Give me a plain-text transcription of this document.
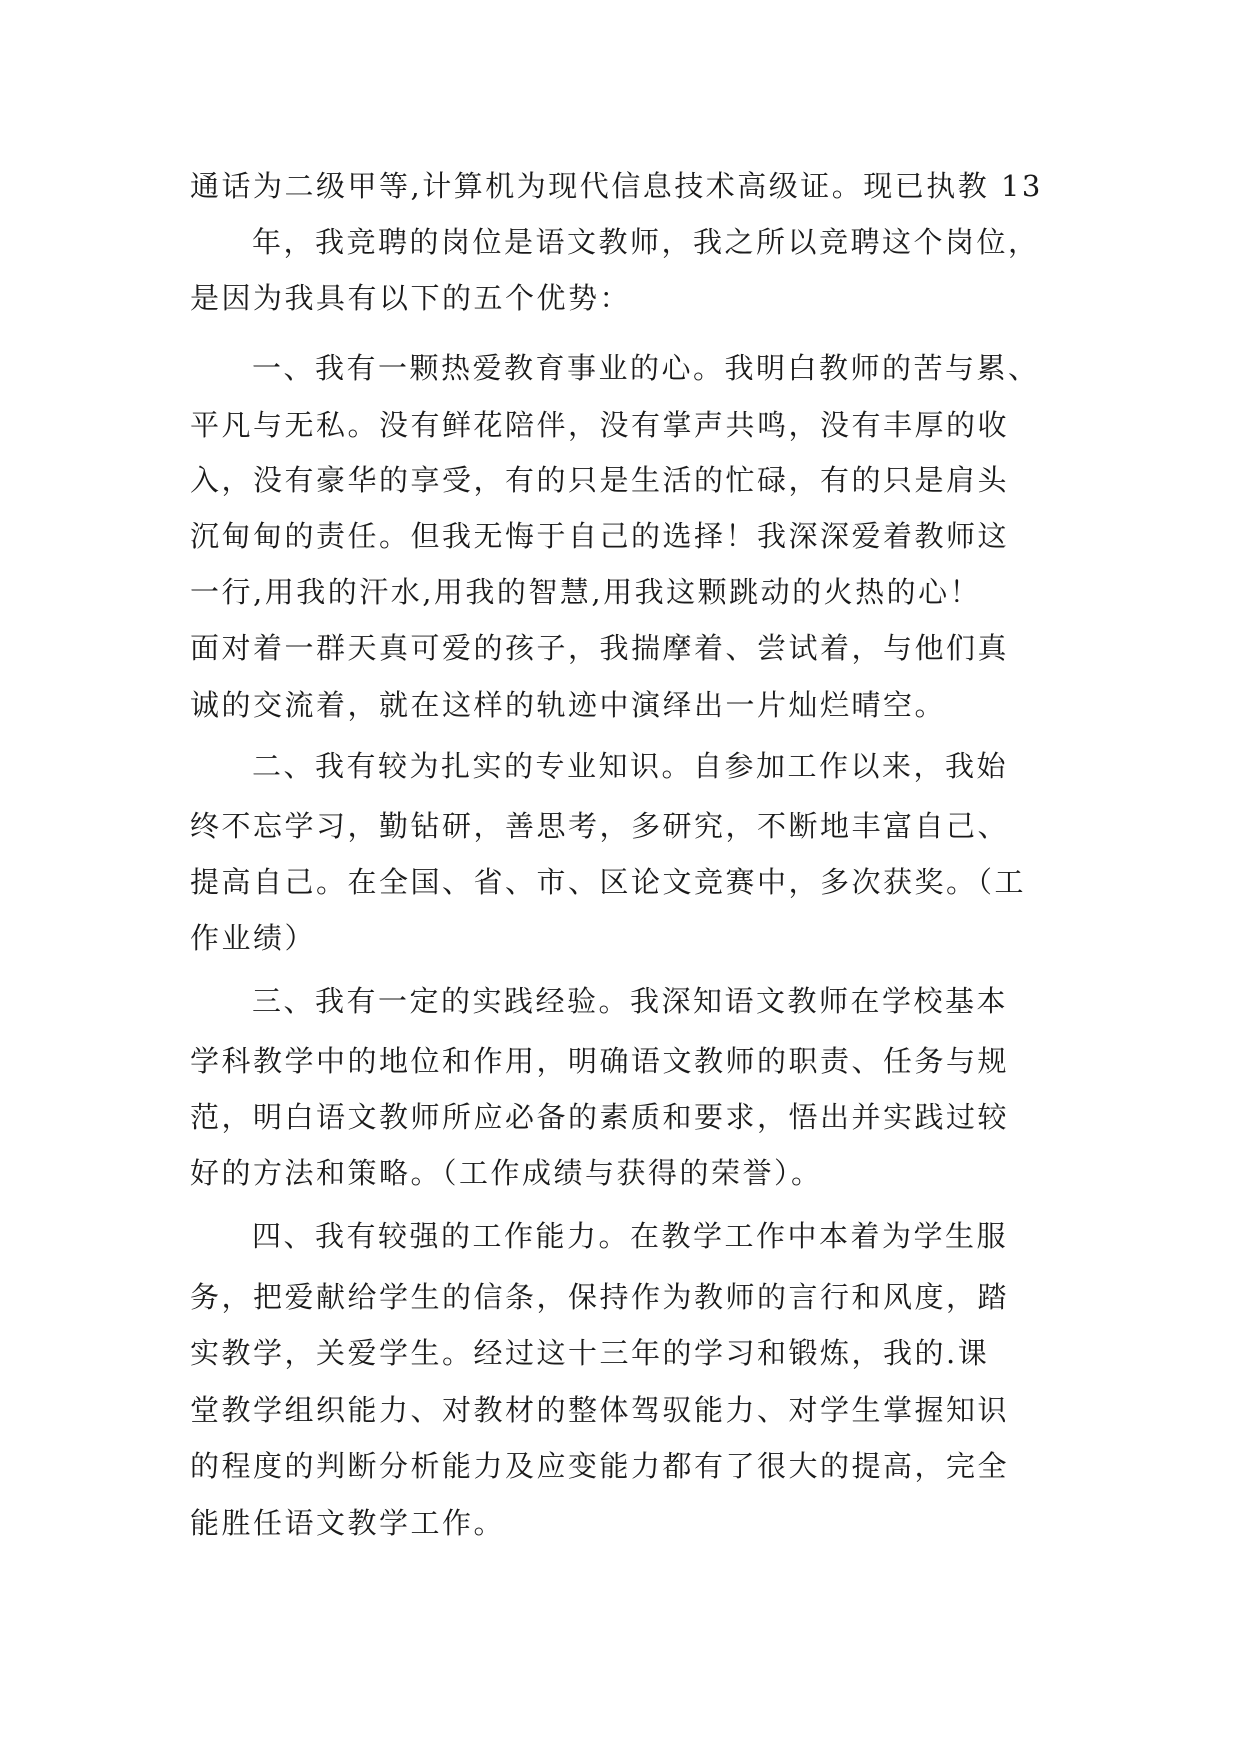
通话为二级甲等,计算机为现代信息技术高级证。现已执教 13
年，我竞聘的岗位是语文教师，我之所以竞聘这个岗位，
是因为我具有以下的五个优势：
一、我有一颗热爱教育事业的心。我明白教师的苦与累、
平凡与无私。没有鲜花陪伴，没有掌声共鸣，没有丰厚的收
入，没有豪华的享受，有的只是生活的忙碌，有的只是肩头
沉甸甸的责任。但我无悔于自己的选择！我深深爱着教师这
一行,用我的汗水,用我的智慧,用我这颗跳动的火热的心！
面对着一群天真可爱的孩子，我揣摩着、尝试着，与他们真
诚的交流着，就在这样的轨迹中演绎出一片灿烂晴空。
二、我有较为扎实的专业知识。自参加工作以来，我始
终不忘学习，勤钻研，善思考，多研究，不断地丰富自己、
提高自己。在全国、省、市、区论文竞赛中，多次获奖。（工
作业绩）
三、我有一定的实践经验。我深知语文教师在学校基本
学科教学中的地位和作用，明确语文教师的职责、任务与规
范，明白语文教师所应必备的素质和要求，悟出并实践过较
好的方法和策略。（工作成绩与获得的荣誉）。
四、我有较强的工作能力。在教学工作中本着为学生服
务，把爱献给学生的信条，保持作为教师的言行和风度，踏
实教学，关爱学生。经过这十三年的学习和锻炼，我的.课
堂教学组织能力、对教材的整体驾驭能力、对学生掌握知识
的程度的判断分析能力及应变能力都有了很大的提高，完全
能胜任语文教学工作。
